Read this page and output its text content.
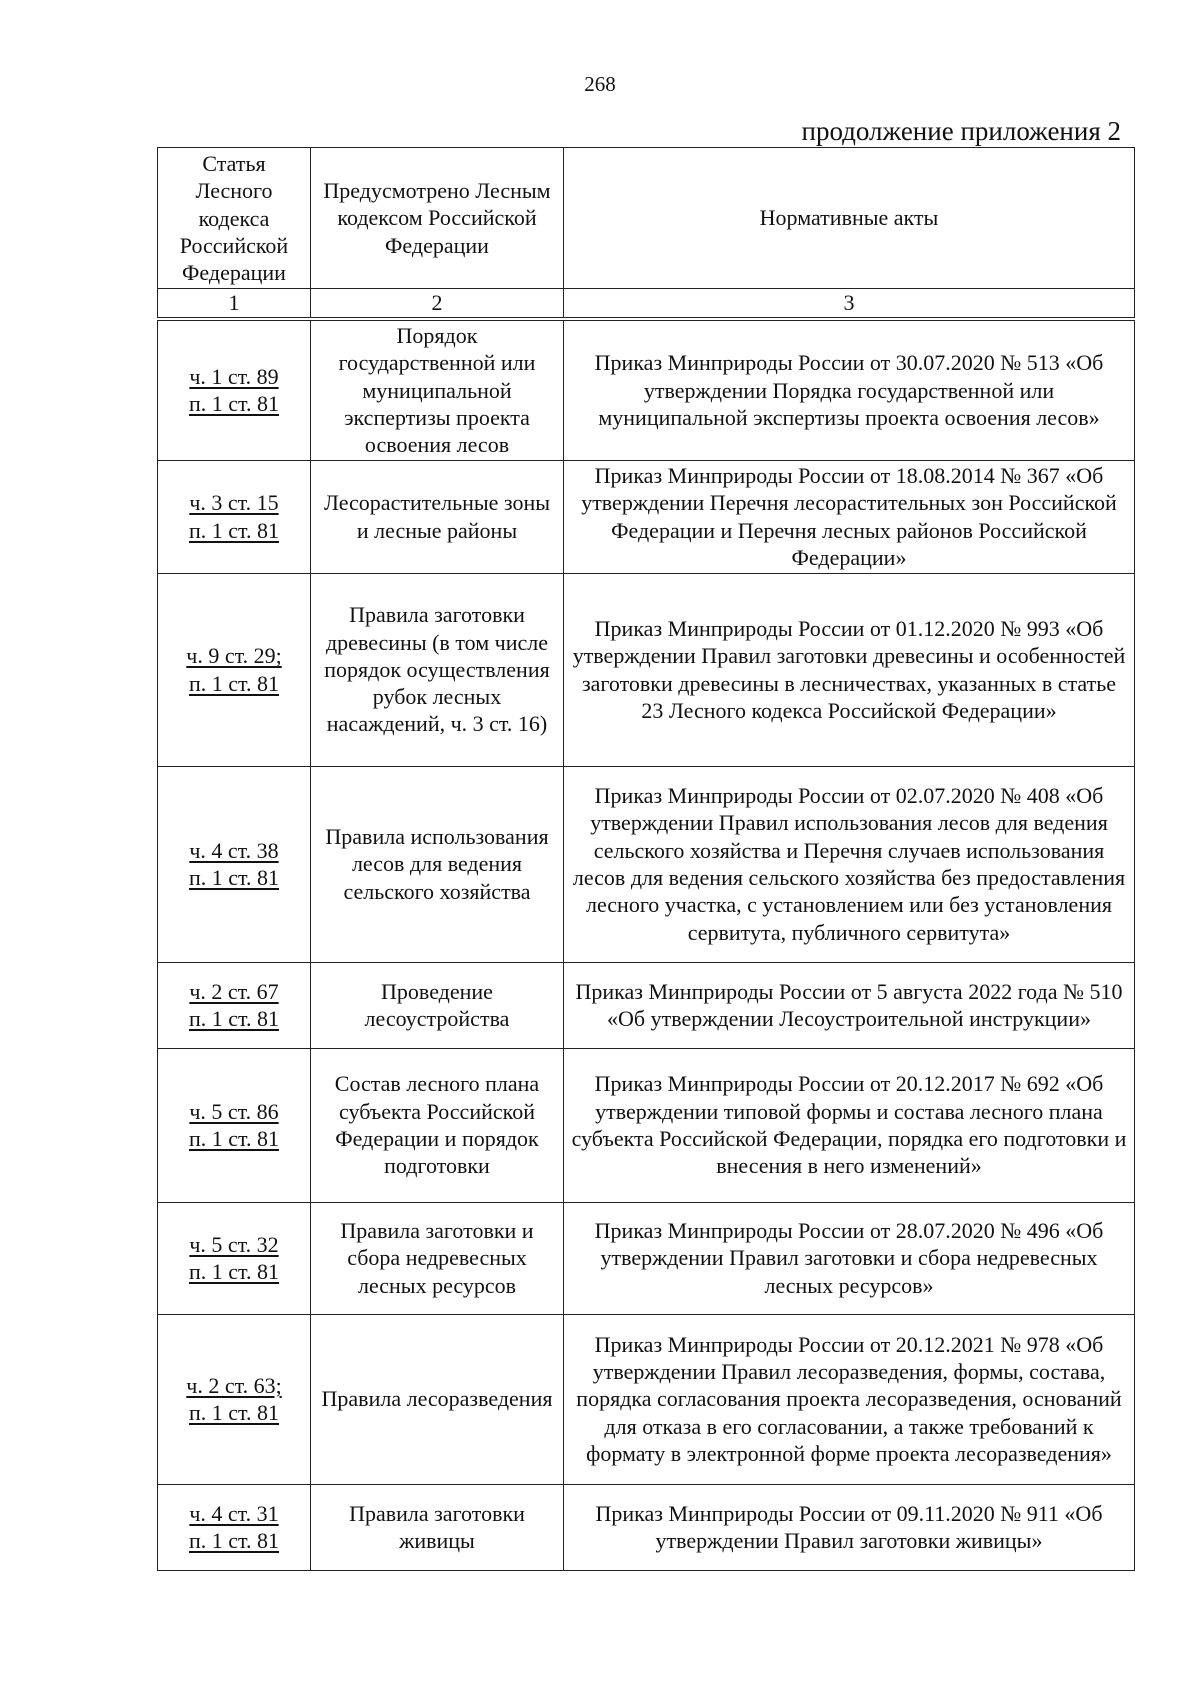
268
продолжение приложения 2
Статья Лесного кодекса Российской Федерации	Предусмотрено Лесным кодексом Российской Федерации	Нормативные акты
1	2	3

ч. 1 ст. 89
п. 1 ст. 81	Порядок государственной или муниципальной экспертизы проекта освоения лесов	Приказ Минприроды России от 30.07.2020 № 513 «Об утверждении Порядка государственной или муниципальной экспертизы проекта освоения лесов»

ч. 3 ст. 15
п. 1 ст. 81	Лесорастительные зоны и лесные районы	Приказ Минприроды России от 18.08.2014 № 367 «Об утверждении Перечня лесорастительных зон Российской Федерации и Перечня лесных районов Российской Федерации»

ч. 9 ст. 29;
п. 1 ст. 81	Правила заготовки древесины (в том числе порядок осуществления рубок лесных насаждений, ч. 3 ст. 16)	Приказ Минприроды России от 01.12.2020 № 993 «Об утверждении Правил заготовки древесины и особенностей заготовки древесины в лесничествах, указанных в статье 23 Лесного кодекса Российской Федерации»

ч. 4 ст. 38
п. 1 ст. 81	Правила использования лесов для ведения сельского хозяйства	Приказ Минприроды России от 02.07.2020 № 408 «Об утверждении Правил использования лесов для ведения сельского хозяйства и Перечня случаев использования лесов для ведения сельского хозяйства без предоставления лесного участка, с установлением или без установления сервитута, публичного сервитута»

ч. 2 ст. 67
п. 1 ст. 81	Проведение лесоустройства	Приказ Минприроды России от 5 августа 2022 года № 510 «Об утверждении Лесоустроительной инструкции»

ч. 5 ст. 86
п. 1 ст. 81	Состав лесного плана субъекта Российской Федерации и порядок подготовки	Приказ Минприроды России от 20.12.2017 № 692 «Об утверждении типовой формы и состава лесного плана субъекта Российской Федерации, порядка его подготовки и внесения в него изменений»

ч. 5 ст. 32
п. 1 ст. 81	Правила заготовки и сбора недревесных лесных ресурсов	Приказ Минприроды России от 28.07.2020 № 496 «Об утверждении Правил заготовки и сбора недревесных лесных ресурсов»

ч. 2 ст. 63;
п. 1 ст. 81	Правила лесоразведения	Приказ Минприроды России от 20.12.2021 № 978 «Об утверждении Правил лесоразведения, формы, состава, порядка согласования проекта лесоразведения, оснований для отказа в его согласовании, а также требований к формату в электронной форме проекта лесоразведения»

ч. 4 ст. 31
п. 1 ст. 81	Правила заготовки живицы	Приказ Минприроды России от 09.11.2020 № 911 «Об утверждении Правил заготовки живицы»
